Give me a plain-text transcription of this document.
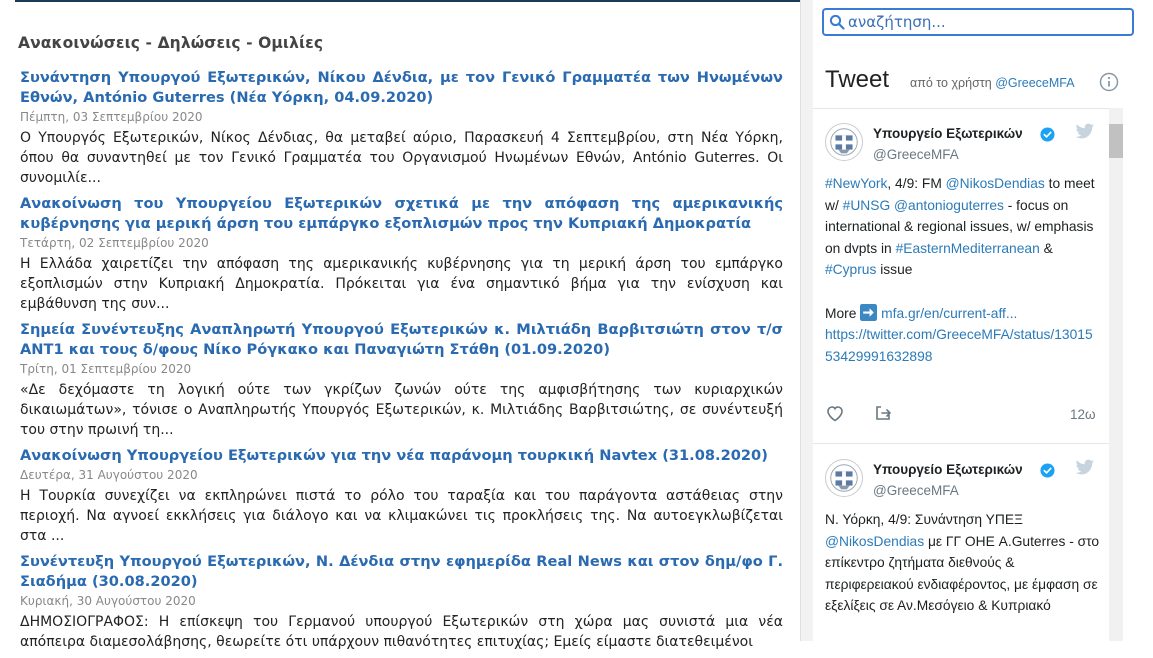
Ανακοινώσεις - Δηλώσεις - Ομιλίες
Συνάντηση Υπουργού Εξωτερικών, Νίκου Δένδια, με τον Γενικό Γραμματέα των Ηνωμένων Εθνών, António Guterres (Νέα Υόρκη, 04.09.2020)
Πέμπτη, 03 Σεπτεμβρίου 2020
Ο Υπουργός Εξωτερικών, Νίκος Δένδιας, θα μεταβεί αύριο, Παρασκευή 4 Σεπτεμβρίου, στη Νέα Υόρκη, όπου θα συναντηθεί με τον Γενικό Γραμματέα του Οργανισμού Ηνωμένων Εθνών, António Guterres. Οι συνομιλίε...
Ανακοίνωση του Υπουργείου Εξωτερικών σχετικά με την απόφαση της αμερικανικής κυβέρνησης για μερική άρση του εμπάργκο εξοπλισμών προς την Κυπριακή Δημοκρατία
Τετάρτη, 02 Σεπτεμβρίου 2020
Η Ελλάδα χαιρετίζει την απόφαση της αμερικανικής κυβέρνησης για τη μερική άρση του εμπάργκο εξοπλισμών στην Κυπριακή Δημοκρατία. Πρόκειται για ένα σημαντικό βήμα για την ενίσχυση και εμβάθυνση της συν...
Σημεία Συνέντευξης Αναπληρωτή Υπουργού Εξωτερικών κ. Μιλτιάδη Βαρβιτσιώτη στον τ/σ ΑΝΤ1 και τους δ/φους Νίκο Ρόγκακο και Παναγιώτη Στάθη (01.09.2020)
Τρίτη, 01 Σεπτεμβρίου 2020
«Δε δεχόμαστε τη λογική ούτε των γκρίζων ζωνών ούτε της αμφισβήτησης των κυριαρχικών δικαιωμάτων», τόνισε ο Αναπληρωτής Υπουργός Εξωτερικών, κ. Μιλτιάδης Βαρβιτσιώτης, σε συνέντευξή του στην πρωινή τη...
Ανακοίνωση Υπουργείου Εξωτερικών για την νέα παράνομη τουρκική Navtex (31.08.2020)
Δευτέρα, 31 Αυγούστου 2020
Η Τουρκία συνεχίζει να εκπληρώνει πιστά το ρόλο του ταραξία και του παράγοντα αστάθειας στην περιοχή. Να αγνοεί εκκλήσεις για διάλογο και να κλιμακώνει τις προκλήσεις της. Να αυτοεγκλωβίζεται στα ...
Συνέντευξη Υπουργού Εξωτερικών, Ν. Δένδια στην εφημερίδα Real News και στον δημ/φο Γ. Σιαδήμα (30.08.2020)
Κυριακή, 30 Αυγούστου 2020
ΔΗΜΟΣΙΟΓΡΑΦΟΣ: Η επίσκεψη του Γερμανού υπουργού Εξωτερικών στη χώρα μας συνιστά μια νέα απόπειρα διαμεσολάβησης, θεωρείτε ότι υπάρχουν πιθανότητες επιτυχίας; Εμείς είμαστε διατεθειμένοι
αναζήτηση...
Tweet από το χρήστη @GreeceMFA
Υπουργείο Εξωτερικών
@GreeceMFA
#NewYork, 4/9: FM @NikosDendias to meet w/ #UNSG @antonioguterres - focus on international & regional issues, w/ emphasis on dvpts in #EasternMediterranean & #Cyprus issue

More mfa.gr/en/current-aff...
https://twitter.com/GreeceMFA/status/1301553429991632898
12ω
Υπουργείο Εξωτερικών
@GreeceMFA
Ν. Υόρκη, 4/9: Συνάντηση ΥΠΕΞ @NikosDendias με ΓΓ ΟΗΕ A.Guterres - στο επίκεντρο ζητήματα διεθνούς & περιφερειακού ενδιαφέροντος, με έμφαση σε εξελίξεις σε Αν.Μεσόγειο & Κυπριακό
